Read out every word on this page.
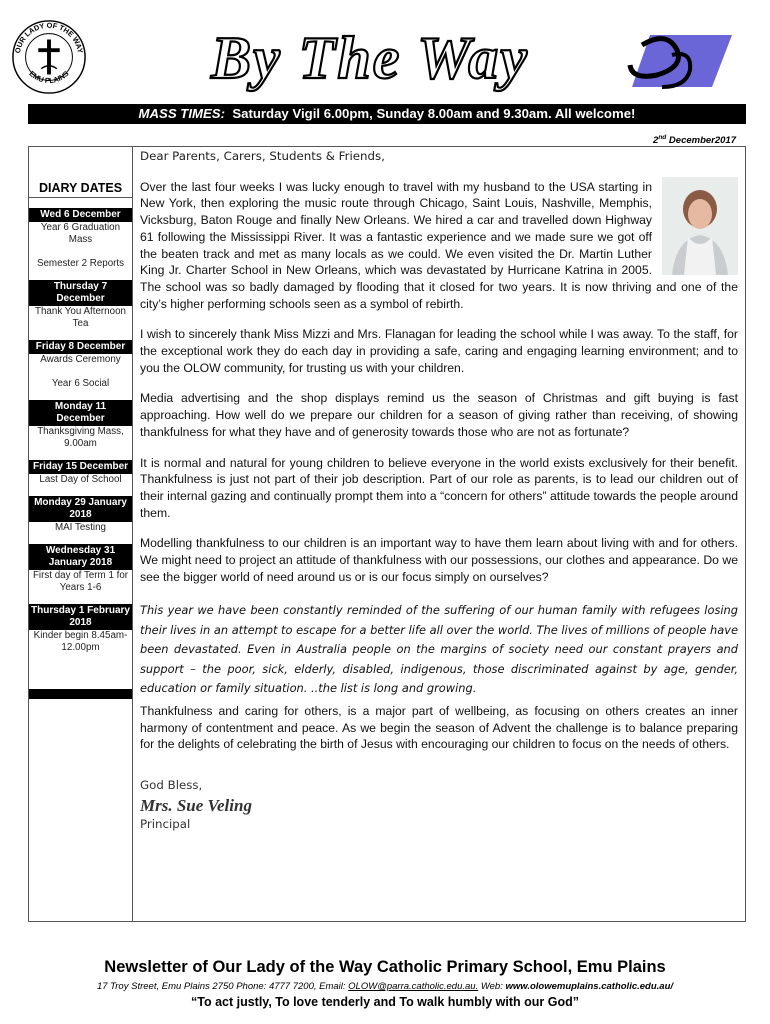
OUR LADY OF THE WAY
EMU PLAINS By The Way
MASS TIMES: Saturday Vigil 6.00pm, Sunday 8.00am and 9.30am. All welcome!
2nd December2017
DIARY DATES
Wed 6 December
Year 6 Graduation Mass
Semester 2 Reports
Thursday 7 December
Thank You Afternoon Tea
Friday 8 December
Awards Ceremony
Year 6 Social
Monday 11 December
Thanksgiving Mass, 9.00am
Friday 15 December
Last Day of School
Monday 29 January 2018
MAI Testing
Wednesday 31 January 2018
First day of Term 1 for Years 1-6
Thursday 1 February 2018
Kinder begin 8.45am-12.00pm
Dear Parents, Carers, Students & Friends,
Over the last four weeks I was lucky enough to travel with my husband to the USA starting in New York, then exploring the music route through Chicago, Saint Louis, Nashville, Memphis, Vicksburg, Baton Rouge and finally New Orleans. We hired a car and travelled down Highway 61 following the Mississippi River. It was a fantastic experience and we made sure we got off the beaten track and met as many locals as we could. We even visited the Dr. Martin Luther King Jr. Charter School in New Orleans, which was devastated by Hurricane Katrina in 2005. The school was so badly damaged by flooding that it closed for two years. It is now thriving and one of the city’s higher performing schools seen as a symbol of rebirth.
I wish to sincerely thank Miss Mizzi and Mrs. Flanagan for leading the school while I was away. To the staff, for the exceptional work they do each day in providing a safe, caring and engaging learning environment; and to you the OLOW community, for trusting us with your children.
Media advertising and the shop displays remind us the season of Christmas and gift buying is fast approaching. How well do we prepare our children for a season of giving rather than receiving, of showing thankfulness for what they have and of generosity towards those who are not as fortunate?
It is normal and natural for young children to believe everyone in the world exists exclusively for their benefit. Thankfulness is just not part of their job description. Part of our role as parents, is to lead our children out of their internal gazing and continually prompt them into a “concern for others” attitude towards the people around them.
Modelling thankfulness to our children is an important way to have them learn about living with and for others. We might need to project an attitude of thankfulness with our possessions, our clothes and appearance. Do we see the bigger world of need around us or is our focus simply on ourselves?
This year we have been constantly reminded of the suffering of our human family with refugees losing their lives in an attempt to escape for a better life all over the world. The lives of millions of people have been devastated. Even in Australia people on the margins of society need our constant prayers and support – the poor, sick, elderly, disabled, indigenous, those discriminated against by age, gender, education or family situation. ..the list is long and growing.
Thankfulness and caring for others, is a major part of wellbeing, as focusing on others creates an inner harmony of contentment and peace. As we begin the season of Advent the challenge is to balance preparing for the delights of celebrating the birth of Jesus with encouraging our children to focus on the needs of others.
God Bless,
Mrs. Sue Veling
Principal
Newsletter of Our Lady of the Way Catholic Primary School, Emu Plains
17 Troy Street, Emu Plains 2750 Phone: 4777 7200, Email: OLOW@parra.catholic.edu.au. Web: www.olowemuplains.catholic.edu.au/
“To act justly, To love tenderly and To walk humbly with our God”
